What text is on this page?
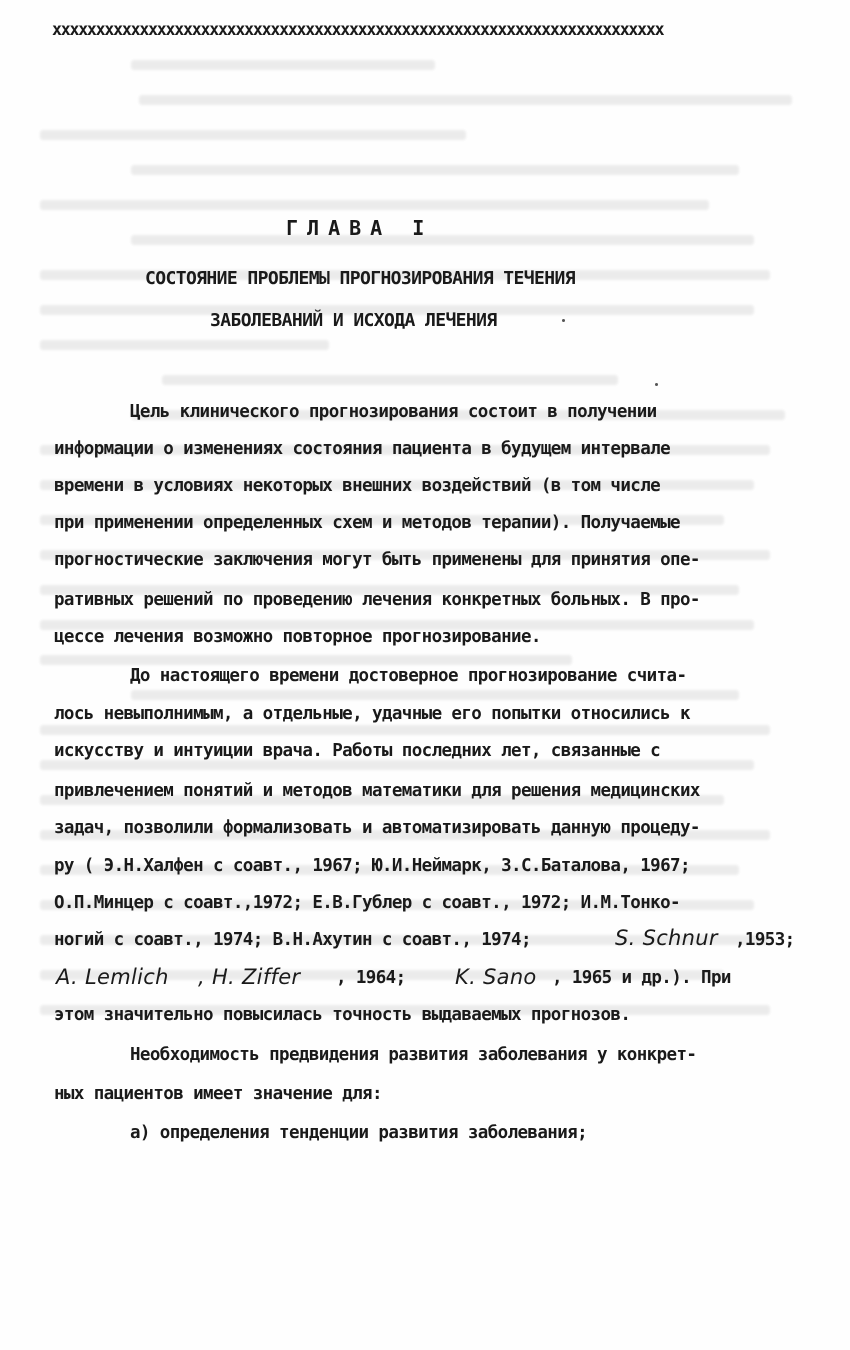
xxxxxxxxxxxxxxxxxxxxxxxxxxxxxxxxxxxxxxxxxxxxxxxxxxxxxxxxxxxxxxxxxxxxxx
ГЛАВА I
СОСТОЯНИЕ ПРОБЛЕМЫ ПРОГНОЗИРОВАНИЯ ТЕЧЕНИЯ
ЗАБОЛЕВАНИЙ И ИСХОДА ЛЕЧЕНИЯ
Цель клинического прогнозирования состоит в получении
информации о изменениях состояния пациента в будущем интервале
времени в условиях некоторых внешних воздействий (в том числе
при применении определенных схем и методов терапии). Получаемые
прогностические заключения могут быть применены для принятия опе-
ративных решений по проведению лечения конкретных больных. В про-
цессе лечения возможно повторное прогнозирование.
До настоящего времени достоверное прогнозирование счита-
лось невыполнимым, а отдельные, удачные его попытки относились к
искусству и интуиции врача. Работы последних лет, связанные с
привлечением понятий и методов математики для решения медицинских
задач, позволили формализовать и автоматизировать данную процеду-
ру ( Э.Н.Халфен с соавт., 1967; Ю.И.Неймарк, З.С.Баталова, 1967;
О.П.Минцер с соавт.,1972; Е.В.Гублер с соавт., 1972; И.М.Тонко-
ногий с соавт., 1974; В.Н.Ахутин с соавт., 1974;	S. Schnur ,1953;
A. Lemlich , H. Ziffer , 1964; K. Sano , 1965 и др.). При
этом значительно повысилась точность выдаваемых прогнозов.
Необходимость предвидения развития заболевания у конкрет-
ных пациентов имеет значение для:
а) определения тенденции развития заболевания;
